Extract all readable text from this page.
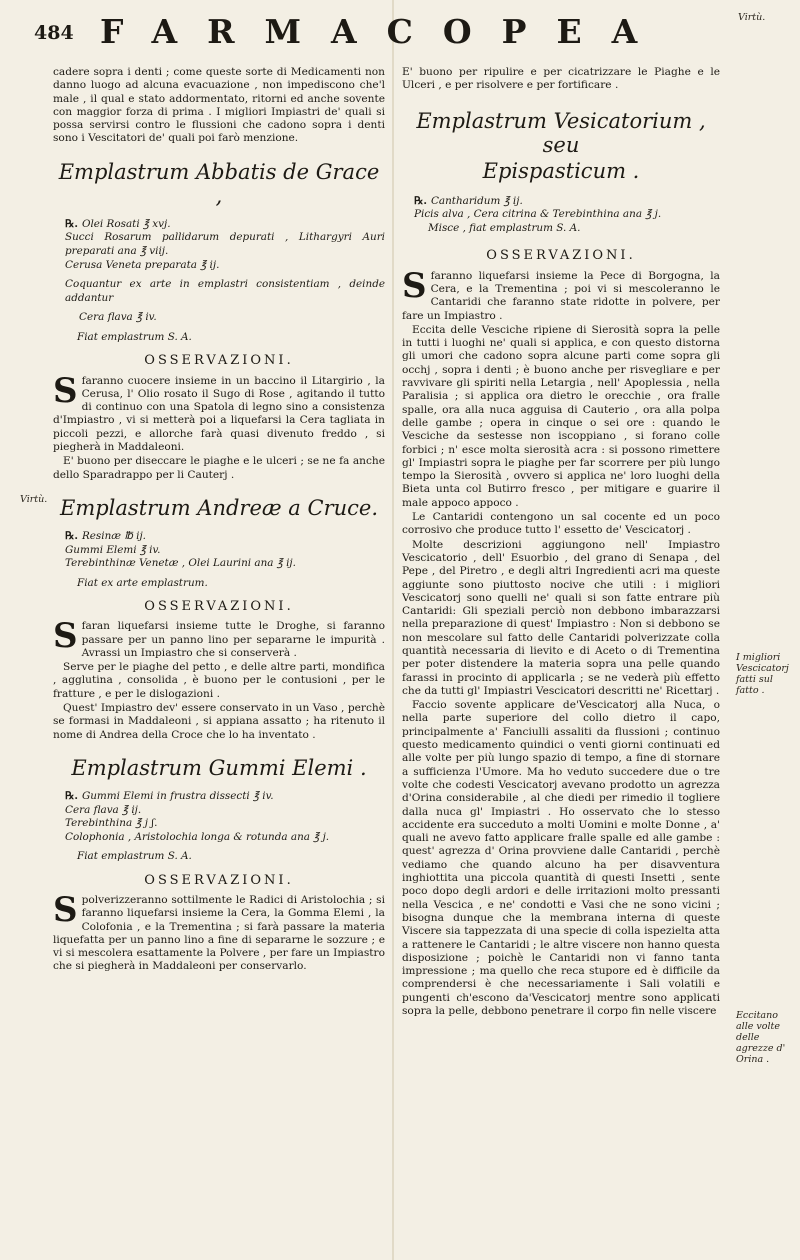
484 FARMACOPEA

cadere sopra i denti ; come queste sorte di Medicamenti non danno luogo ad alcuna evacuazione , non impediscono che'l male , il qual e stato addormentato, ritorni ed anche sovente con maggior forza di prima . I migliori Impiastri de' quali si possa servirsi contro le flussioni che cadono sopra i denti sono i Vescitatori de' quali poi farò menzione.

Emplastrum Abbatis de Grace ,
℞. Olei Rosati ℥ xvj.
Succi Rosarum pallidarum depurati , Lithargyri Auri preparati ana ℥ viij.
Cerusa Veneta preparata ℥ ij.
Coquantur ex arte in emplastri consistentiam , deinde addantur
Cera flava ℥ iv.
Fiat emplastrum S. A.
OSSERVAZIONI.

Sfaranno cuocere insieme in un baccino il Litargirio , la Cerusa, l' Olio rosato il Sugo di Rose , agitando il tutto di continuo con una Spatola di legno sino a consistenza d'Impiastro , vi si metterà poi a liquefarsi la Cera tagliata in piccoli pezzi, e allorche farà quasi divenuto freddo , si piegherà in Maddaleoni.

E' buono per diseccare le piaghe e le ulceri ; se ne fa anche dello Sparadrappo per li Cauterj .

Emplastrum Andreæ a Cruce.
℞. Resinæ ℔ ij.
Gummi Elemi ℥ iv.
Terebinthinæ Venetæ , Olei Laurini ana ℥ ij.
Fiat ex arte emplastrum.
OSSERVAZIONI.

Sfaran liquefarsi insieme tutte le Droghe, si faranno passare per un panno lino per separarne le impurità . Avrassi un Impiastro che si conserverà .

Serve per le piaghe del petto , e delle altre parti, mondifica , agglutina , consolida , è buono per le contusioni , per le fratture , e per le dislogazioni .

Quest' Impiastro dev' essere conservato in un Vaso , perchè se formasi in Maddaleoni , si appiana assatto ; ha ritenuto il nome di Andrea della Croce che lo ha inventato .

Emplastrum Gummi Elemi .
℞. Gummi Elemi in frustra dissecti ℥ iv.
Cera flava ℥ ij.
Terebinthina ℥ j ʃ.
Colophonia , Aristolochia longa & rotunda ana ℥ j.
Fiat emplastrum S. A.
OSSERVAZIONI.

Spolverizzeranno sottilmente le Radici di Aristolochia ; si faranno liquefarsi insieme la Cera, la Gomma Elemi , la Colofonia , e la Trementina ; si farà passare la materia liquefatta per un panno lino a fine di separarne le sozzure ; e vi si mescolera esattamente la Polvere , per fare un Impiastro che si piegherà in Maddaleoni per conservarlo.

E' buono per ripulire e per cicatrizzare le Piaghe e le Ulceri , e per risolvere e per fortificare .

Emplastrum Vesicatorium , seu
Epispasticum .
℞. Cantharidum ℥ ij.
Picis alva , Cera citrina & Terebinthina ana ℥ j.
Misce , fiat emplastrum S. A.
OSSERVAZIONI.

Sfaranno liquefarsi insieme la Pece di Borgogna, la Cera, e la Trementina ; poi vi si mescoleranno le Cantaridi che faranno state ridotte in polvere, per fare un Impiastro .

Eccita delle Vesciche ripiene di Sierosità sopra la pelle in tutti i luoghi ne' quali si applica, e con questo distorna gli umori che cadono sopra alcune parti come sopra gli occhj , sopra i denti ; è buono anche per risvegliare e per ravvivare gli spiriti nella Letargia , nell' Apoplessia , nella Paralisia ; si applica ora dietro le orecchie , ora fralle spalle, ora alla nuca agguisa di Cauterio , ora alla polpa delle gambe ; opera in cinque o sei ore : quando le Vesciche da sestesse non iscoppiano , si forano colle forbici ; n' esce molta sierosità acra : si possono rimettere gl' Impiastri sopra le piaghe per far scorrere per più lungo tempo la Sierosità , ovvero si applica ne' loro luoghi della Bieta unta col Butirro fresco , per mitigare e guarire il male appoco appoco .

Le Cantaridi contengono un sal cocente ed un poco corrosivo che produce tutto l' essetto de' Vescicatorj .

Molte descrizioni aggiungono nell' Impiastro Vescicatorio , dell' Esuorbio , del grano di Senapa , del Pepe , del Piretro , e degli altri Ingredienti acri ma queste aggiunte sono piuttosto nocive che utili : i migliori Vescicatorj sono quelli ne' quali si son fatte entrare più Cantaridi: Gli speziali perciò non debbono imbarazzarsi nella preparazione di quest' Impiastro : Non si debbono se non mescolare sul fatto delle Cantaridi polverizzate colla quantità necessaria di lievito e di Aceto o di Trementina per poter distendere la materia sopra una pelle quando farassi in procinto di applicarla ; se ne vederà più effetto che da tutti gl' Impiastri Vescicatori descritti ne' Ricettarj .

Faccio sovente applicare de'Vescicatorj alla Nuca, o nella parte superiore del collo dietro il capo, principalmente a' Fanciulli assaliti da flussioni ; continuo questo medicamento quindici o venti giorni continuati ed alle volte per più lungo spazio di tempo, a fine di stornare a sufficienza l'Umore. Ma ho veduto succedere due o tre volte che codesti Vescicatorj avevano prodotto un agrezza d'Orina considerabile , al che diedi per rimedio il togliere dalla nuca gl' Impiastri . Ho osservato che lo stesso accidente era succeduto a molti Uomini e molte Donne , a' quali ne avevo fatto applicare fralle spalle ed alle gambe : quest' agrezza d' Orina provviene dalle Cantaridi , perchè vediamo che quando alcuno ha per disavventura inghiottita una piccola quantità di questi Insetti , sente poco dopo degli ardori e delle irritazioni molto pressanti nella Vescica , e ne' condotti e Vasi che ne sono vicini ; bisogna dunque che la membrana interna di queste Viscere sia tappezzata di una specie di colla ispezielta atta a rattenere le Cantaridi ; le altre viscere non hanno questa disposizione ; poichè le Cantaridi non vi fanno tanta impressione ; ma quello che reca stupore ed è difficile da comprendersi è che necessariamente i Sali volatili e pungenti ch'escono da'Vescicatorj mentre sono applicati sopra la pelle, debbono penetrare il corpo fin nelle viscere

Virtù.
Virtù.
I migliori Vescicatorj fatti sul fatto .
Eccitano alle volte delle agrezze d' Orina .
